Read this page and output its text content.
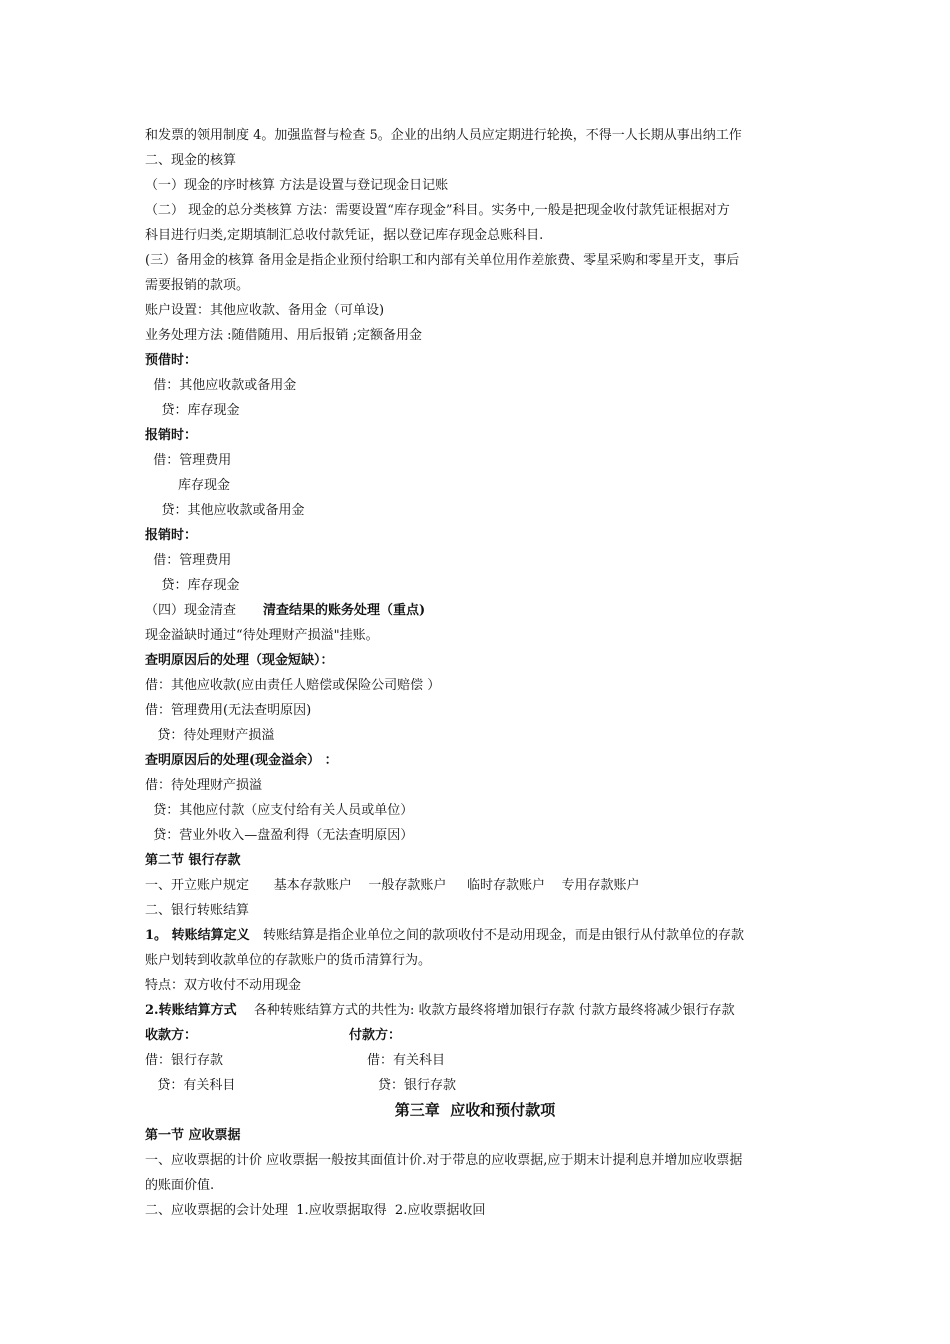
和发票的领用制度 4。加强监督与检查 5。企业的出纳人员应定期进行轮换，不得一人长期从事出纳工作
二、现金的核算
（一）现金的序时核算 方法是设置与登记现金日记账
（二） 现金的总分类核算 方法：需要设置“库存现金”科目。实务中,一般是把现金收付款凭证根据对方
科目进行归类,定期填制汇总收付款凭证，据以登记库存现金总账科目.
(三）备用金的核算 备用金是指企业预付给职工和内部有关单位用作差旅费、零星采购和零星开支，事后
需要报销的款项。
账户设置：其他应收款、备用金（可单设)
业务处理方法 :随借随用、用后报销 ;定额备用金
预借时：
借：其他应收款或备用金
贷：库存现金
报销时：
借：管理费用
库存现金
贷：其他应收款或备用金
报销时：
借：管理费用
贷：库存现金
（四）现金清查 清查结果的账务处理（重点)
现金溢缺时通过“待处理财产损溢"挂账。
查明原因后的处理（现金短缺）：
借：其他应收款(应由责任人赔偿或保险公司赔偿 ）
借：管理费用(无法查明原因)
贷：待处理财产损溢
查明原因后的处理(现金溢余） ：
借：待处理财产损溢
贷：其他应付款（应支付给有关人员或单位）
贷：营业外收入—盘盈利得（无法查明原因）
第二节 银行存款
一、开立账户规定      基本存款账户    一般存款账户     临时存款账户    专用存款账户
二、银行转账结算
1。 转账结算定义 转账结算是指企业单位之间的款项收付不是动用现金，而是由银行从付款单位的存款
账户划转到收款单位的存款账户的货币清算行为。
特点：双方收付不动用现金
2.转账结算方式 各种转账结算方式的共性为: 收款方最终将增加银行存款 付款方最终将减少银行存款
收款方：	付款方：
借：银行存款	借：有关科目
贷：有关科目	贷：银行存款
第三章  应收和预付款项
第一节 应收票据
一、应收票据的计价 应收票据一般按其面值计价.对于带息的应收票据,应于期末计提利息并增加应收票据
的账面价值.
二、应收票据的会计处理  1.应收票据取得  2.应收票据收回
